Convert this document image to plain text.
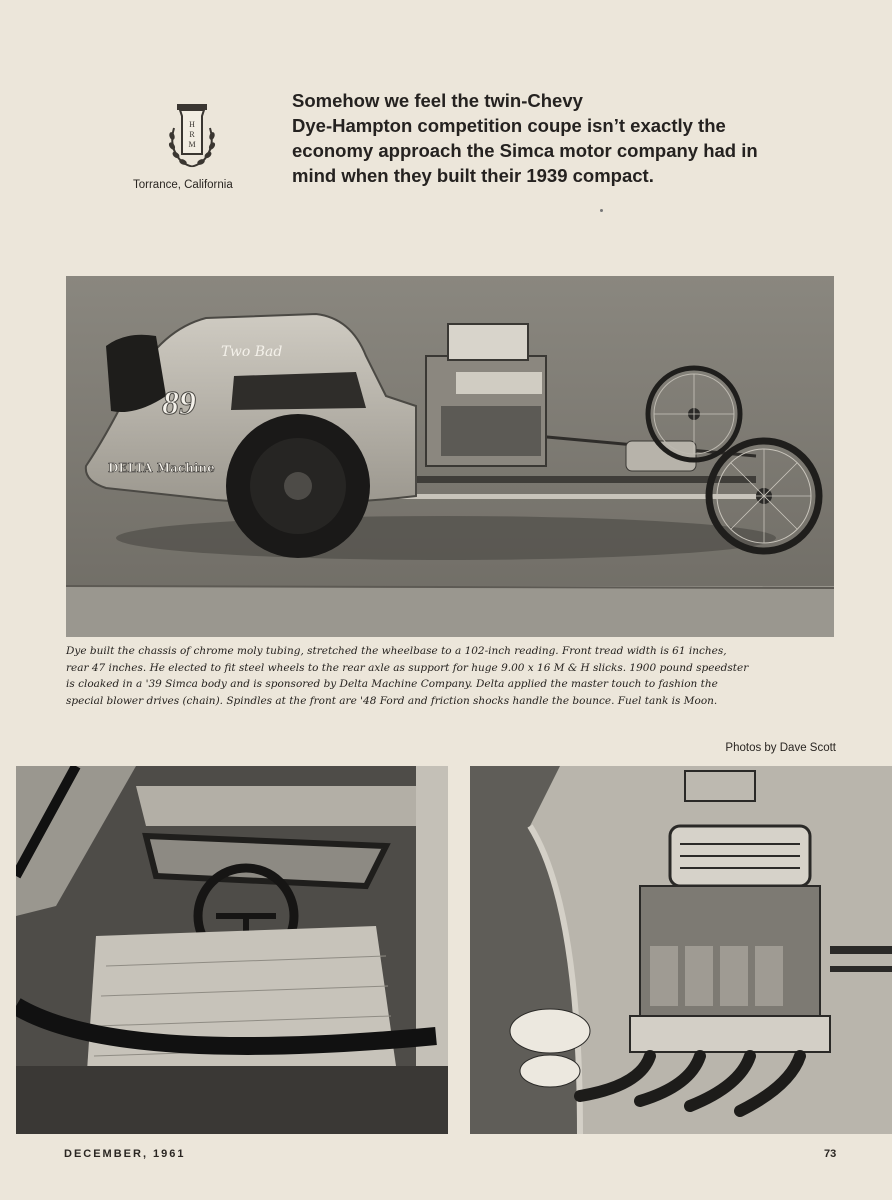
H
R
M
Torrance, California
Somehow we feel the twin-Chevy
Dye-Hampton competition coupe isn’t exactly the
economy approach the Simca motor company had in
mind when they built their 1939 compact.
Two Bad
89
DELTA Machine
Dye built the chassis of chrome moly tubing, stretched the wheelbase to a 102-inch reading. Front tread width is 61 inches,
rear 47 inches. He elected to fit steel wheels to the rear axle as support for huge 9.00 x 16 M & H slicks. 1900 pound speedster
is cloaked in a '39 Simca body and is sponsored by Delta Machine Company. Delta applied the master touch to fashion the
special blower drives (chain). Spindles at the front are '48 Ford and friction shocks handle the bounce. Fuel tank is Moon.
Photos by Dave Scott
DECEMBER, 1961	73
